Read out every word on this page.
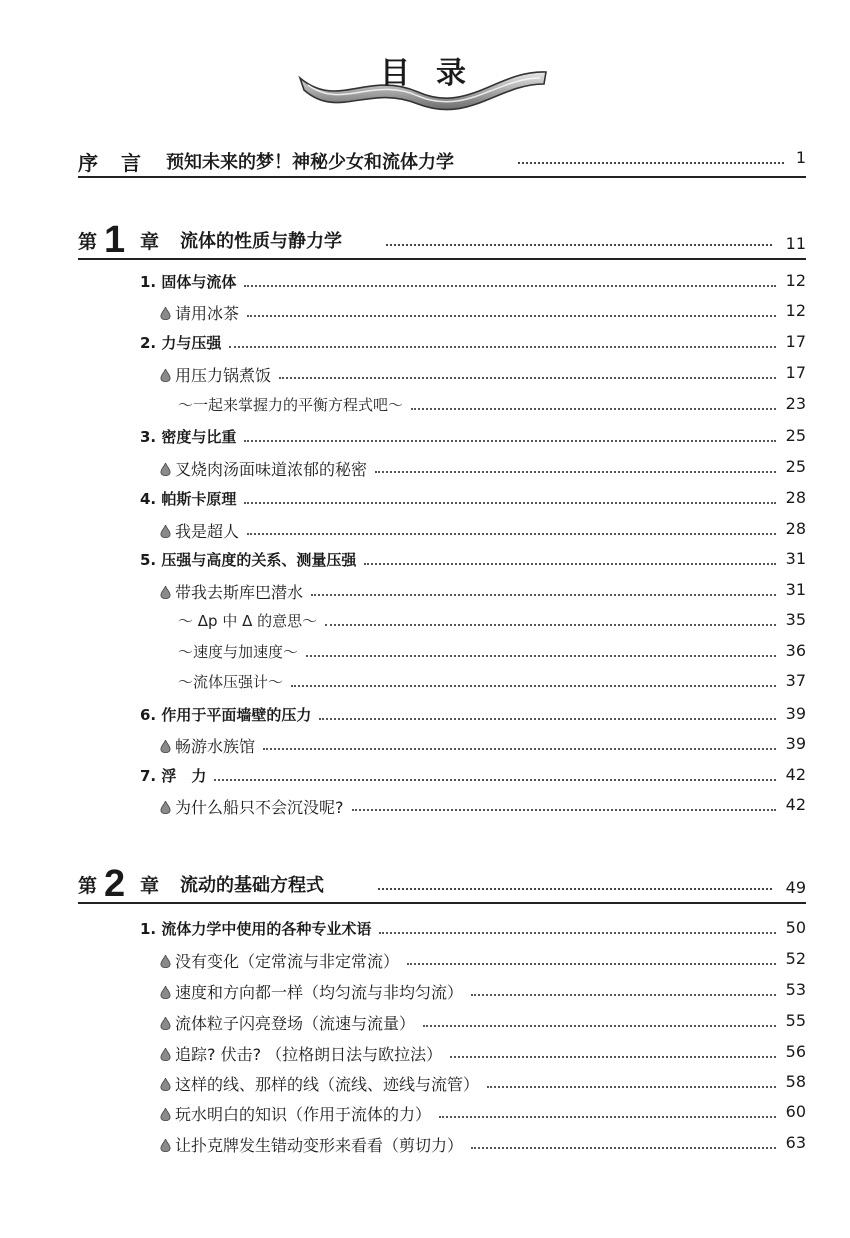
目录
序 言 预知未来的梦！神秘少女和流体力学	1
第 1 章 流体的性质与静力学	11
1. 固体与流体	12
请用冰茶	12
2. 力与压强	17
用压力锅煮饭	17
～一起来掌握力的平衡方程式吧～	23
3. 密度与比重	25
叉烧肉汤面味道浓郁的秘密	25
4. 帕斯卡原理	28
我是超人	28
5. 压强与高度的关系、测量压强	31
带我去斯库巴潜水	31
～ Δp 中 Δ 的意思～	35
～速度与加速度～	36
～流体压强计～	37
6. 作用于平面墙壁的压力	39
畅游水族馆	39
7. 浮　力	42
为什么船只不会沉没呢?	42
第 2 章 流动的基础方程式	49
1. 流体力学中使用的各种专业术语	50
没有变化（定常流与非定常流）	52
速度和方向都一样（均匀流与非均匀流）	53
流体粒子闪亮登场（流速与流量）	55
追踪? 伏击? （拉格朗日法与欧拉法）	56
这样的线、那样的线（流线、迹线与流管）	58
玩水明白的知识（作用于流体的力）	60
让扑克牌发生错动变形来看看（剪切力）	63
